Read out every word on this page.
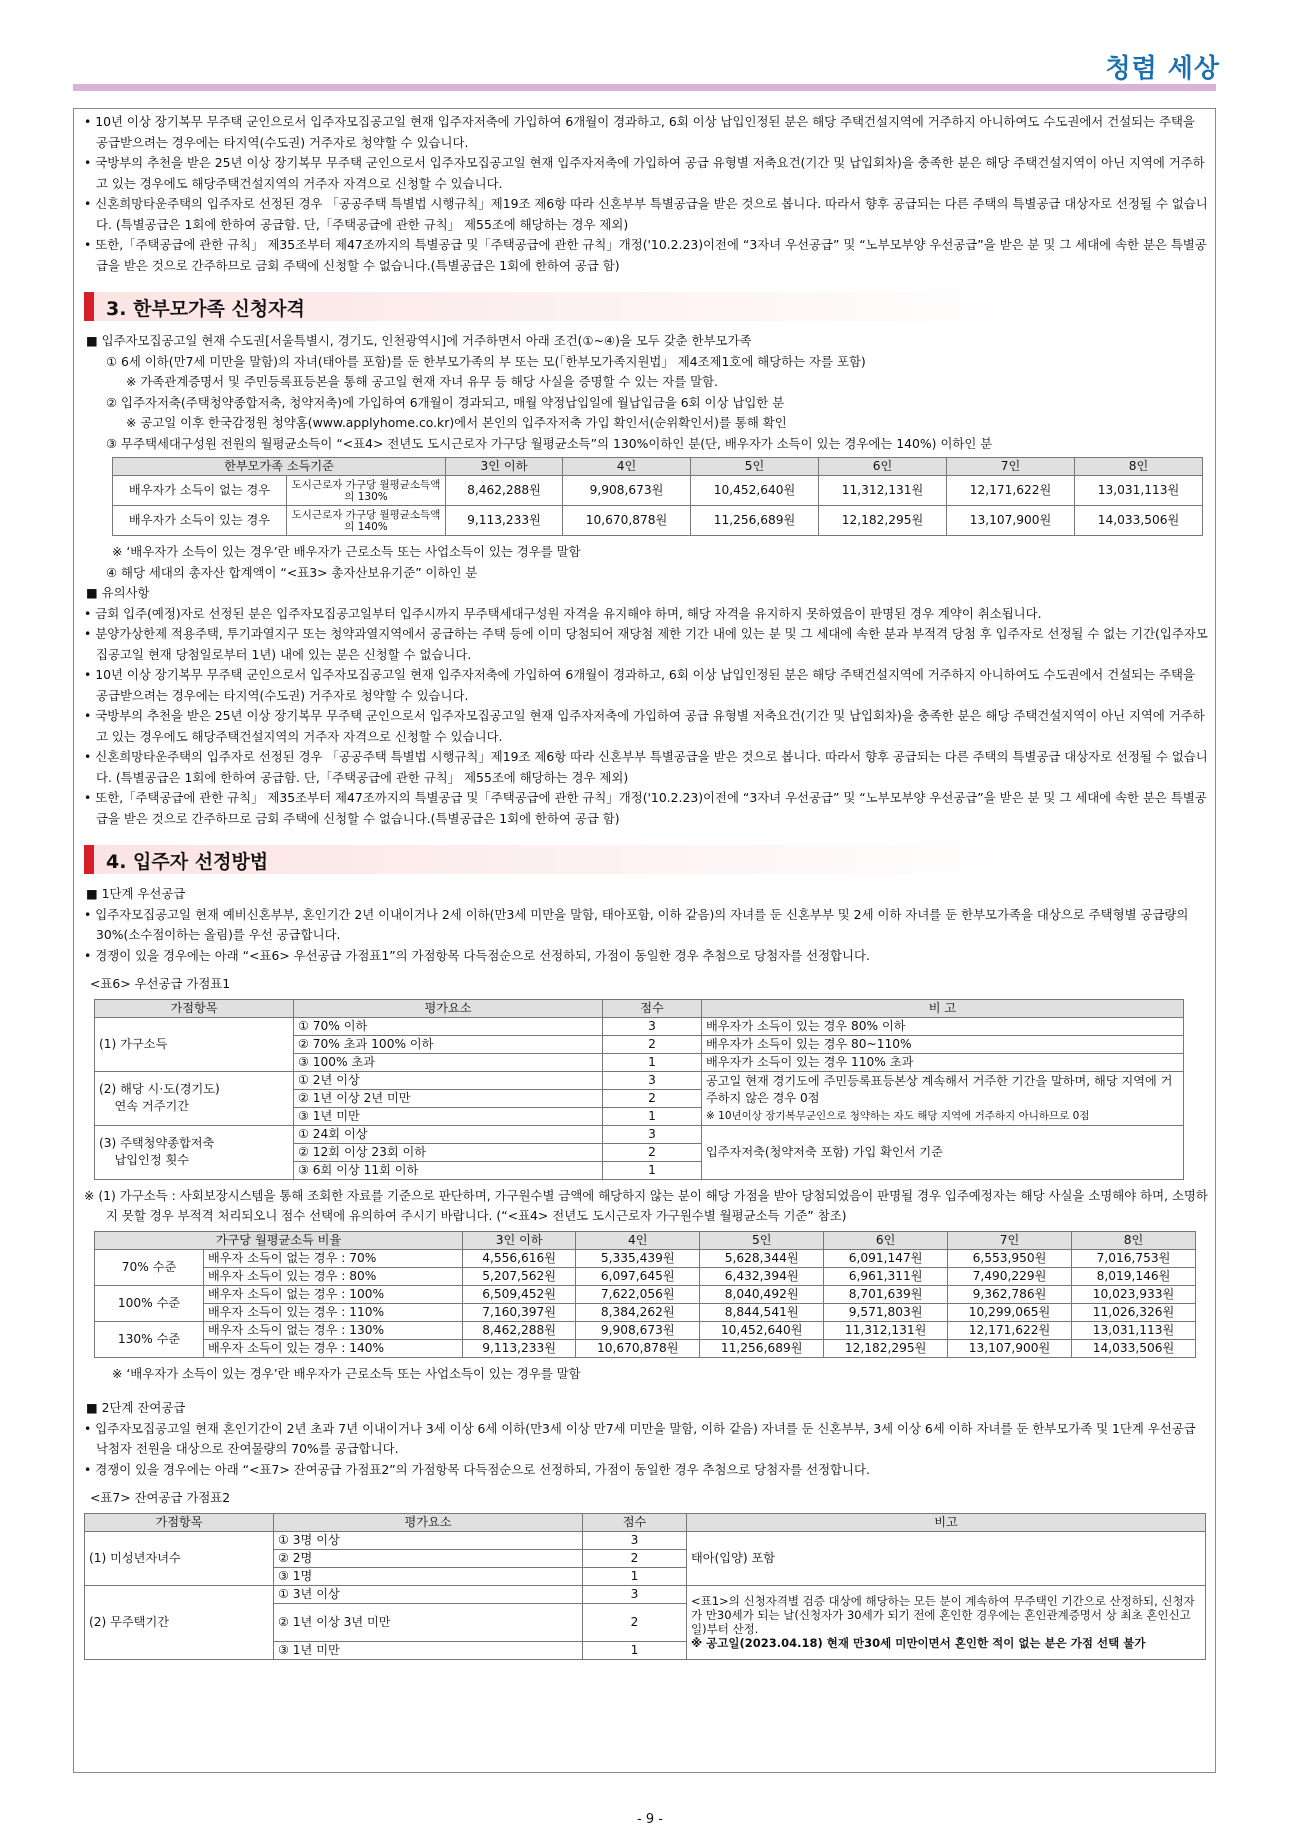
청렴 세상

• 10년 이상 장기복무 무주택 군인으로서 입주자모집공고일 현재 입주자저축에 가입하여 6개월이 경과하고, 6회 이상 납입인정된 분은 해당 주택건설지역에 거주하지 아니하여도 수도권에서 건설되는 주택을 공급받으려는 경우에는 타지역(수도권) 거주자로 청약할 수 있습니다.

• 국방부의 추천을 받은 25년 이상 장기복무 무주택 군인으로서 입주자모집공고일 현재 입주자저축에 가입하여 공급 유형별 저축요건(기간 및 납입회차)을 충족한 분은 해당 주택건설지역이 아닌 지역에 거주하고 있는 경우에도 해당주택건설지역의 거주자 자격으로 신청할 수 있습니다.

• 신혼희망타운주택의 입주자로 선정된 경우 「공공주택 특별법 시행규칙」제19조 제6항 따라 신혼부부 특별공급을 받은 것으로 봅니다. 따라서 향후 공급되는 다른 주택의 특별공급 대상자로 선정될 수 없습니다. (특별공급은 1회에 한하여 공급함. 단,「주택공급에 관한 규칙」 제55조에 해당하는 경우 제외)

• 또한,「주택공급에 관한 규칙」 제35조부터 제47조까지의 특별공급 및「주택공급에 관한 규칙」개정('10.2.23)이전에 “3자녀 우선공급” 및 “노부모부양 우선공급”을 받은 분 및 그 세대에 속한 분은 특별공급을 받은 것으로 간주하므로 금회 주택에 신청할 수 없습니다.(특별공급은 1회에 한하여 공급 함)

3. 한부모가족 신청자격

■ 입주자모집공고일 현재 수도권[서울특별시, 경기도, 인천광역시]에 거주하면서 아래 조건(①~④)을 모두 갖춘 한부모가족

① 6세 이하(만7세 미만을 말함)의 자녀(태아를 포함)를 둔 한부모가족의 부 또는 모(「한부모가족지원법」 제4조제1호에 해당하는 자를 포함)

※ 가족관계증명서 및 주민등록표등본을 통해 공고일 현재 자녀 유무 등 해당 사실을 증명할 수 있는 자를 말함.

② 입주자저축(주택청약종합저축, 청약저축)에 가입하여 6개월이 경과되고, 매월 약정납입일에 월납입금을 6회 이상 납입한 분

※ 공고일 이후 한국감정원 청약홈(www.applyhome.co.kr)에서 본인의 입주자저축 가입 확인서(순위확인서)를 통해 확인

③ 무주택세대구성원 전원의 월평균소득이 “<표4> 전년도 도시근로자 가구당 월평균소득”의 130%이하인 분(단, 배우자가 소득이 있는 경우에는 140%) 이하인 분

한부모가족 소득기준		3인 이하	4인	5인	6인	7인	8인
배우자가 소득이 없는 경우	도시근로자 가구당 월평균소득액의 130%	8,462,288원	9,908,673원	10,452,640원	11,312,131원	12,171,622원	13,031,113원
배우자가 소득이 있는 경우	도시근로자 가구당 월평균소득액의 140%	9,113,233원	10,670,878원	11,256,689원	12,182,295원	13,107,900원	14,033,506원

※ ‘배우자가 소득이 있는 경우’란 배우자가 근로소득 또는 사업소득이 있는 경우를 말함

④ 해당 세대의 총자산 합계액이 “<표3> 총자산보유기준” 이하인 분

■ 유의사항

• 금회 입주(예정)자로 선정된 분은 입주자모집공고일부터 입주시까지 무주택세대구성원 자격을 유지해야 하며, 해당 자격을 유지하지 못하였음이 판명된 경우 계약이 취소됩니다.

• 분양가상한제 적용주택, 투기과열지구 또는 청약과열지역에서 공급하는 주택 등에 이미 당첨되어 재당첨 제한 기간 내에 있는 분 및 그 세대에 속한 분과 부적격 당첨 후 입주자로 선정될 수 없는 기간(입주자모집공고일 현재 당첨일로부터 1년) 내에 있는 분은 신청할 수 없습니다.

• 10년 이상 장기복무 무주택 군인으로서 입주자모집공고일 현재 입주자저축에 가입하여 6개월이 경과하고, 6회 이상 납입인정된 분은 해당 주택건설지역에 거주하지 아니하여도 수도권에서 건설되는 주택을 공급받으려는 경우에는 타지역(수도권) 거주자로 청약할 수 있습니다.

• 국방부의 추천을 받은 25년 이상 장기복무 무주택 군인으로서 입주자모집공고일 현재 입주자저축에 가입하여 공급 유형별 저축요건(기간 및 납입회차)을 충족한 분은 해당 주택건설지역이 아닌 지역에 거주하고 있는 경우에도 해당주택건설지역의 거주자 자격으로 신청할 수 있습니다.

• 신혼희망타운주택의 입주자로 선정된 경우 「공공주택 특별법 시행규칙」제19조 제6항 따라 신혼부부 특별공급을 받은 것으로 봅니다. 따라서 향후 공급되는 다른 주택의 특별공급 대상자로 선정될 수 없습니다. (특별공급은 1회에 한하여 공급함. 단,「주택공급에 관한 규칙」 제55조에 해당하는 경우 제외)

• 또한,「주택공급에 관한 규칙」 제35조부터 제47조까지의 특별공급 및「주택공급에 관한 규칙」개정('10.2.23)이전에 “3자녀 우선공급” 및 “노부모부양 우선공급”을 받은 분 및 그 세대에 속한 분은 특별공급을 받은 것으로 간주하므로 금회 주택에 신청할 수 없습니다.(특별공급은 1회에 한하여 공급 함)

4. 입주자 선정방법

■ 1단계 우선공급

• 입주자모집공고일 현재 예비신혼부부, 혼인기간 2년 이내이거나 2세 이하(만3세 미만을 말함, 태아포함, 이하 같음)의 자녀를 둔 신혼부부 및 2세 이하 자녀를 둔 한부모가족을 대상으로 주택형별 공급량의 30%(소수점이하는 올림)를 우선 공급합니다.

• 경쟁이 있을 경우에는 아래 “<표6> 우선공급 가점표1”의 가점항목 다득점순으로 선정하되, 가점이 동일한 경우 추첨으로 당첨자를 선정합니다.

<표6> 우선공급 가점표1

가점항목	평가요소	점수	비 고
(1) 가구소득	① 70% 이하	3	배우자가 소득이 있는 경우 80% 이하
	② 70% 초과 100% 이하	2	배우자가 소득이 있는 경우 80~110%
	③ 100% 초과	1	배우자가 소득이 있는 경우 110% 초과
(2) 해당 시·도(경기도)
연속 거주기간	① 2년 이상	3	공고일 현재 경기도에 주민등록표등본상 계속해서 거주한 기간을 말하며, 해당 지역에 거주하지 않은 경우 0점
※ 10년이상 장기복무군인으로 청약하는 자도 해당 지역에 거주하지 아니하므로 0점
	② 1년 이상 2년 미만	2	
	③ 1년 미만	1	
(3) 주택청약종합저축
납입인정 횟수	① 24회 이상	3	입주자저축(청약저축 포함) 가입 확인서 기준
	② 12회 이상 23회 이하	2	
	③ 6회 이상 11회 이하	1	

※ (1) 가구소득 : 사회보장시스템을 통해 조회한 자료를 기준으로 판단하며, 가구원수별 금액에 해당하지 않는 분이 해당 가점을 받아 당첨되었음이 판명될 경우 입주예정자는 해당 사실을 소명해야 하며, 소명하지 못할 경우 부적격 처리되오니 점수 선택에 유의하여 주시기 바랍니다. (“<표4> 전년도 도시근로자 가구원수별 월평균소득 기준” 참조)

가구당 월평균소득 비율		3인 이하	4인	5인	6인	7인	8인
70% 수준	배우자 소득이 없는 경우 : 70%	4,556,616원	5,335,439원	5,628,344원	6,091,147원	6,553,950원	7,016,753원
	배우자 소득이 있는 경우 : 80%	5,207,562원	6,097,645원	6,432,394원	6,961,311원	7,490,229원	8,019,146원
100% 수준	배우자 소득이 없는 경우 : 100%	6,509,452원	7,622,056원	8,040,492원	8,701,639원	9,362,786원	10,023,933원
	배우자 소득이 있는 경우 : 110%	7,160,397원	8,384,262원	8,844,541원	9,571,803원	10,299,065원	11,026,326원
130% 수준	배우자 소득이 없는 경우 : 130%	8,462,288원	9,908,673원	10,452,640원	11,312,131원	12,171,622원	13,031,113원
	배우자 소득이 있는 경우 : 140%	9,113,233원	10,670,878원	11,256,689원	12,182,295원	13,107,900원	14,033,506원

※ ‘배우자가 소득이 있는 경우’란 배우자가 근로소득 또는 사업소득이 있는 경우를 말함

■ 2단계 잔여공급

• 입주자모집공고일 현재 혼인기간이 2년 초과 7년 이내이거나 3세 이상 6세 이하(만3세 이상 만7세 미만을 말함, 이하 같음) 자녀를 둔 신혼부부, 3세 이상 6세 이하 자녀를 둔 한부모가족 및 1단계 우선공급 낙첨자 전원을 대상으로 잔여물량의 70%를 공급합니다.

• 경쟁이 있을 경우에는 아래 “<표7> 잔여공급 가점표2”의 가점항목 다득점순으로 선정하되, 가점이 동일한 경우 추첨으로 당첨자를 선정합니다.

<표7> 잔여공급 가점표2

가점항목	평가요소	점수	비고
(1) 미성년자녀수	① 3명 이상	3	태아(입양) 포함
	② 2명	2	
	③ 1명	1	
(2) 무주택기간	① 3년 이상	3	<표1>의 신청자격별 검증 대상에 해당하는 모든 분이 계속하여 무주택인 기간으로 산정하되, 신청자가 만30세가 되는 날(신청자가 30세가 되기 전에 혼인한 경우에는 혼인관계증명서 상 최초 혼인신고일)부터 산정.
※ 공고일(2023.04.18) 현재 만30세 미만이면서 혼인한 적이 없는 분은 가점 선택 불가
	② 1년 이상 3년 미만	2	
	③ 1년 미만	1	
- 9 -
